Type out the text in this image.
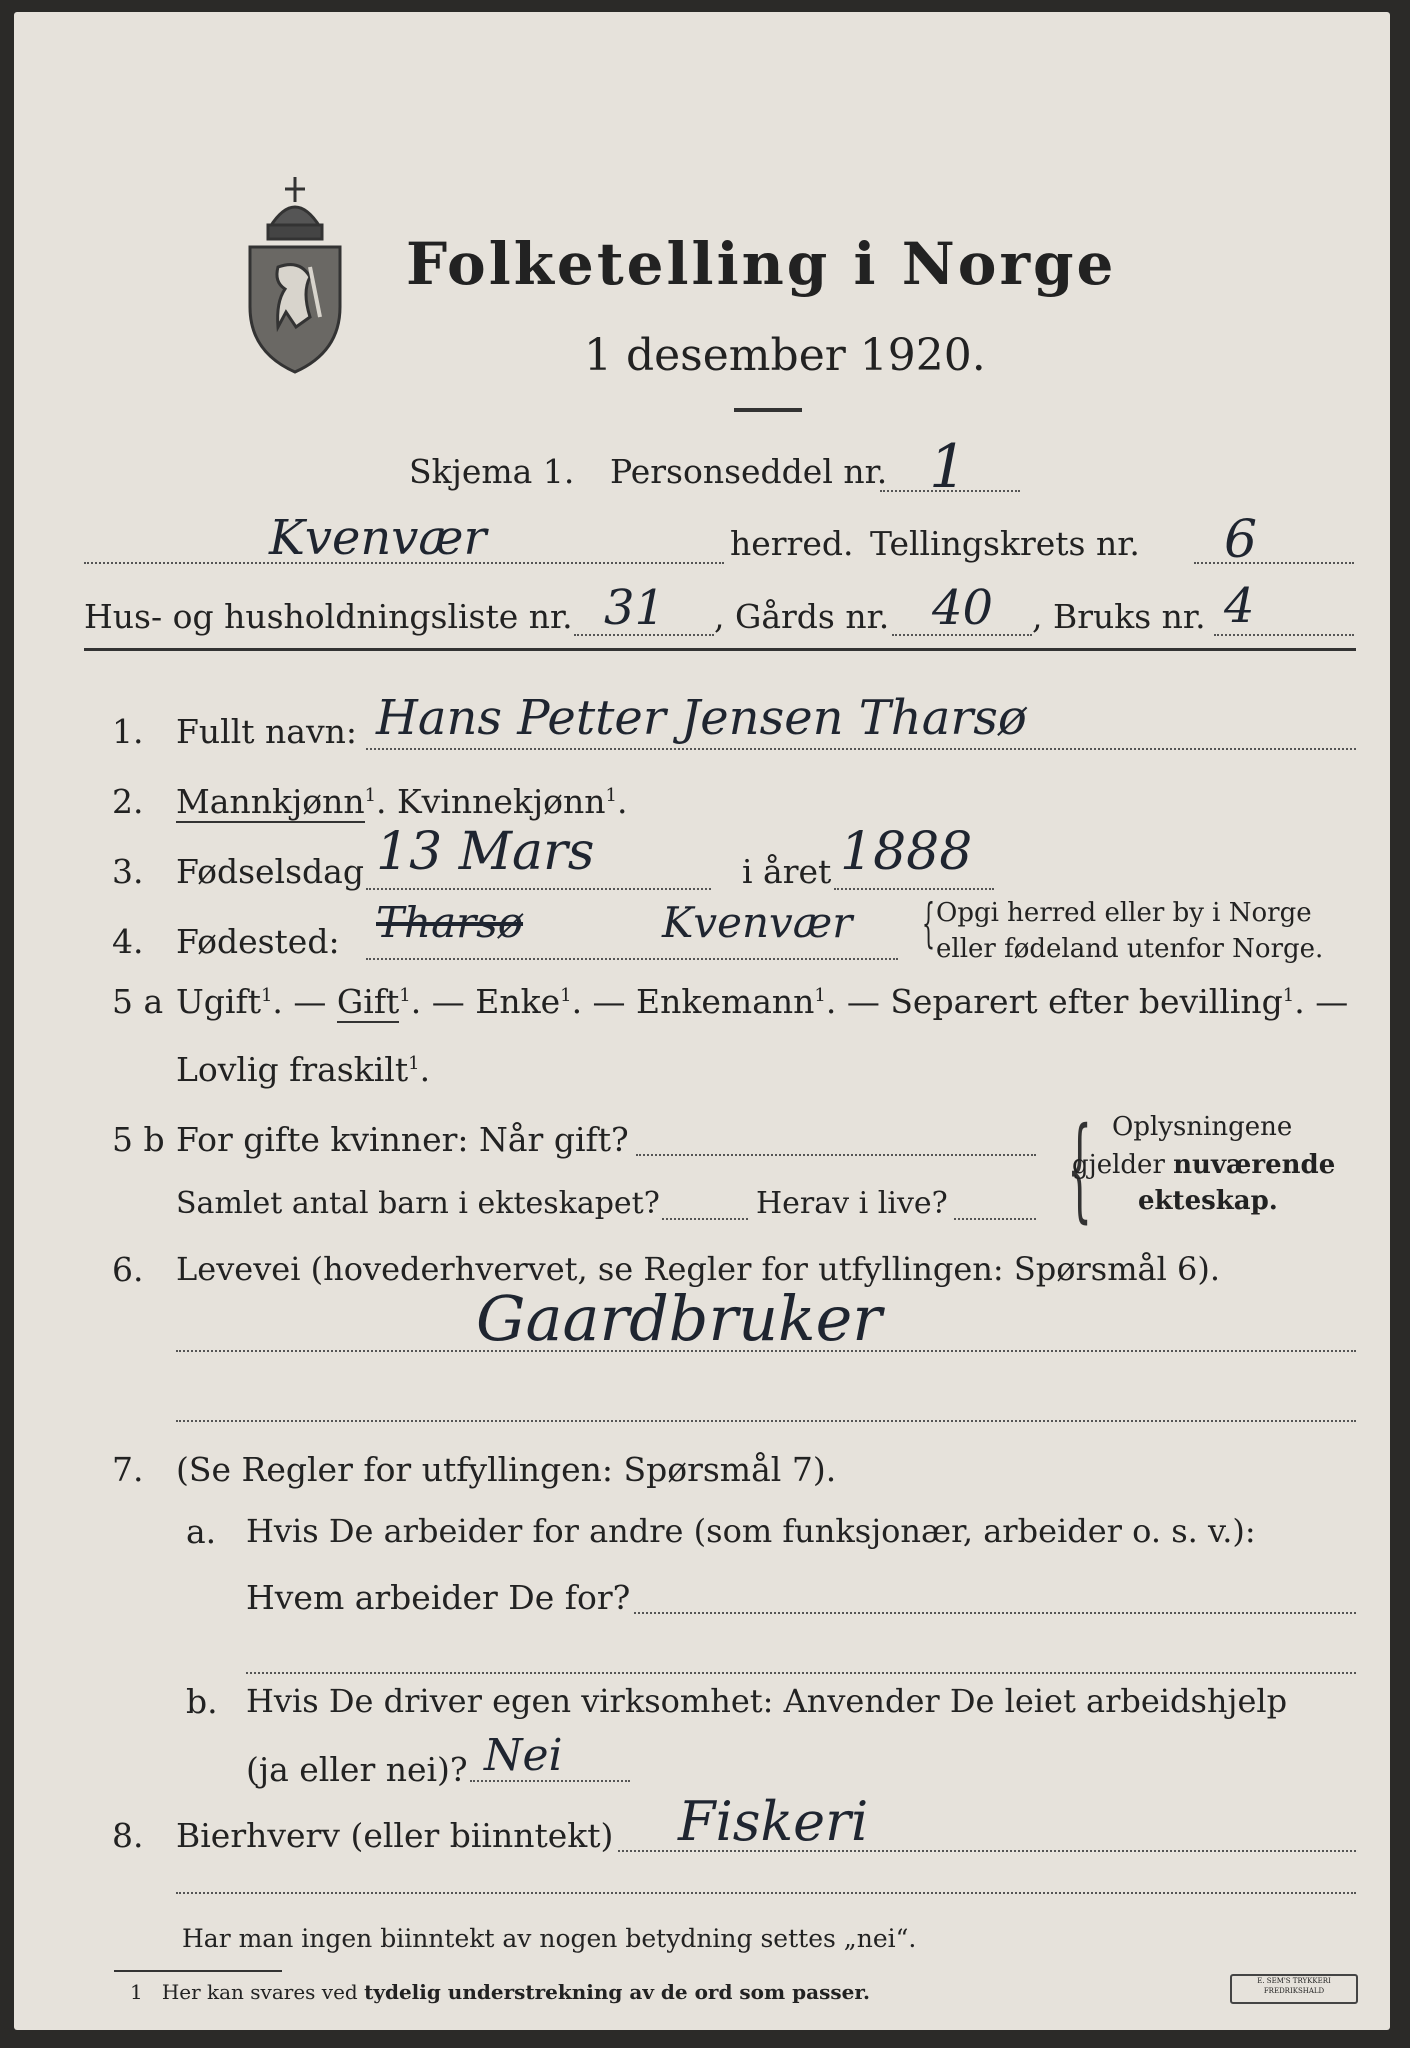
Folketelling i Norge
1 desember 1920.
Skjema 1. Personseddel nr. 1
Kvenvær	herred. Tellingskrets nr. 6
Hus- og husholdningsliste nr. 31 , Gårds nr. 40 , Bruks nr. 4
1. Fullt navn: Hans Petter Jensen Tharsø
2. Mannkjønn$^1$. Kvinnekjønn$^1$.
3. Fødselsdag 13 Mars	i året 1888
4. Fødested: Tharsø	Kvenvær { Opgi herred eller by i Norge
eller fødeland utenfor Norge.
5 a Ugift$^1$. — Gift$^1$. — Enke$^1$. — Enkemann$^1$. — Separert efter bevilling$^1$. —
Lovlig fraskilt$^1$.
5 b For gifte kvinner: Når gift?
Samlet antal barn i ekteskapet?	Herav i live? { Oplysningene
gjelder nuværende
ekteskap.
6. Levevei (hovederhvervet, se Regler for utfyllingen: Spørsmål 6).
Gaardbruker
7. (Se Regler for utfyllingen: Spørsmål 7).
a. Hvis De arbeider for andre (som funksjonær, arbeider o. s. v.):
Hvem arbeider De for?
b. Hvis De driver egen virksomhet: Anvender De leiet arbeidshjelp
(ja eller nei)? Nei
8. Bierhverv (eller biinntekt) Fiskeri
Har man ingen biinntekt av nogen betydning settes „nei“.
1 Her kan svares ved tydelig understrekning av de ord som passer.	E. SEM'S TRYKKERI
FREDRIKSHALD
